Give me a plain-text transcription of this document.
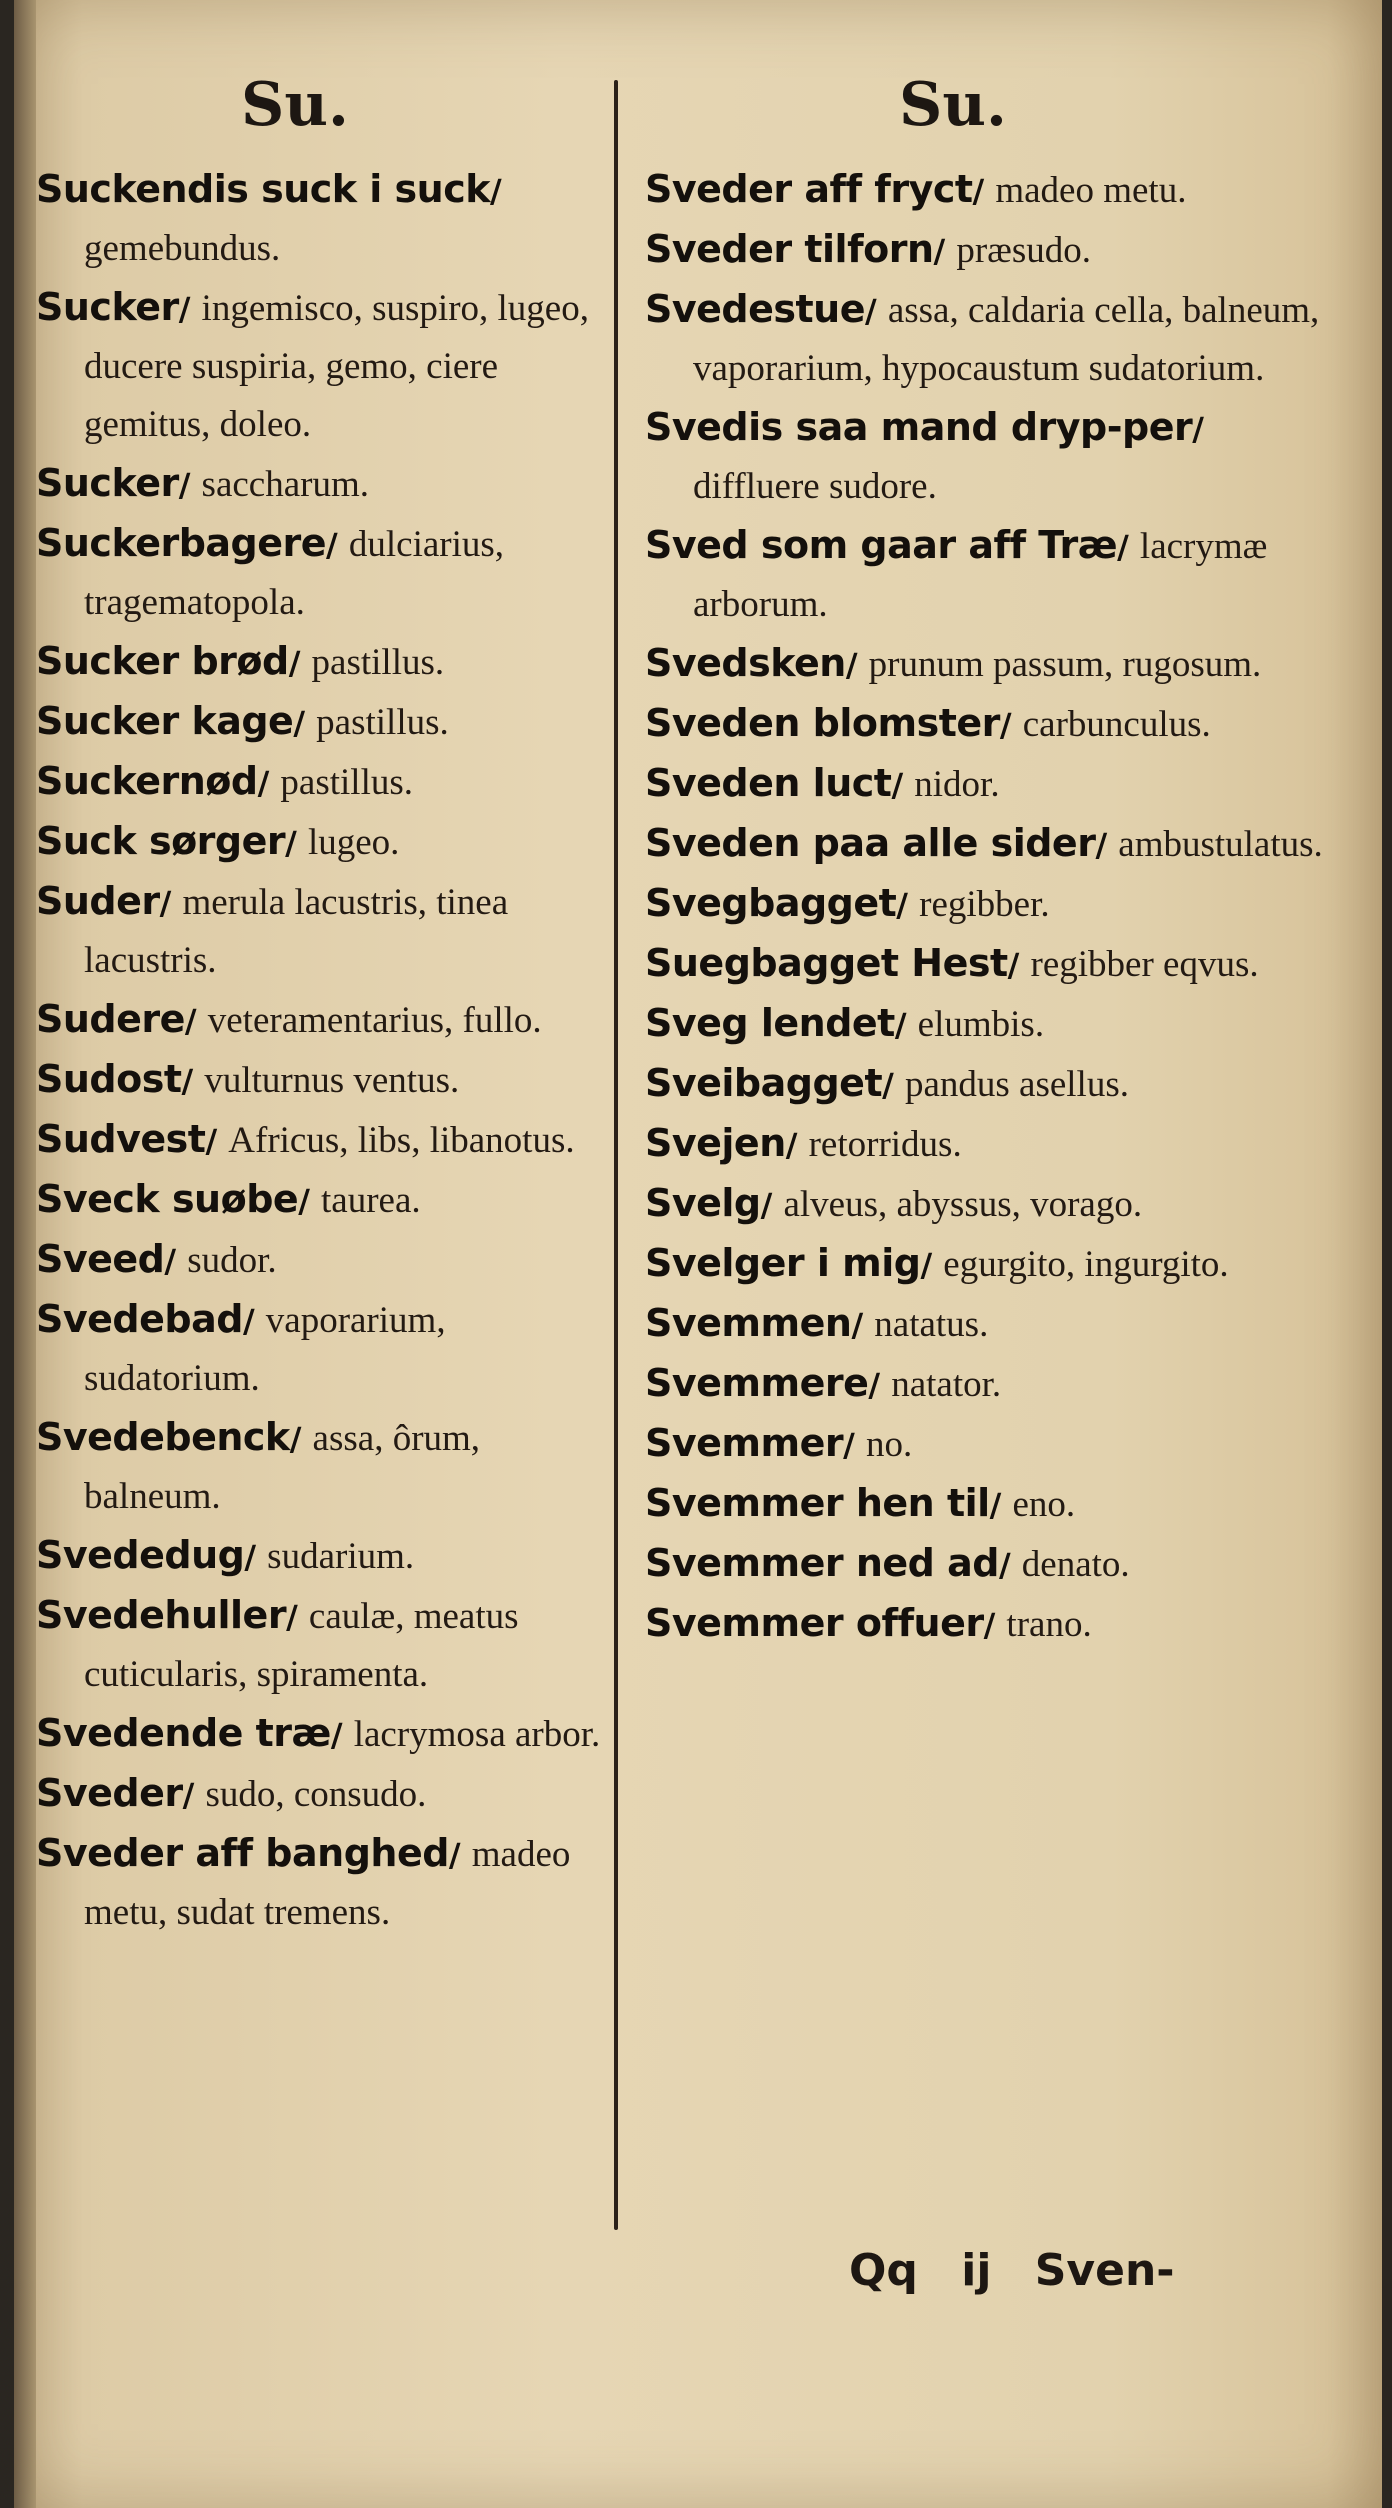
Su.

Suckendis suck i suck/ gemebundus.

Sucker/ ingemisco, suspiro, lugeo, ducere suspiria, gemo, ciere gemitus, doleo.

Sucker/ saccharum.

Suckerbagere/ dulciarius, tragematopola.

Sucker brød/ pastillus.

Sucker kage/ pastillus.

Suckernød/ pastillus.

Suck sørger/ lugeo.

Suder/ merula lacustris, tinea lacustris.

Sudere/ veteramentarius, fullo.

Sudost/ vulturnus ventus.

Sudvest/ Africus, libs, libanotus.

Sveck suøbe/ taurea.

Sveed/ sudor.

Svedebad/ vaporarium, sudatorium.

Svedebenck/ assa, ôrum, balneum.

Svededug/ sudarium.

Svedehuller/ caulæ, meatus cuticularis, spiramenta.

Svedende træ/ lacrymosa arbor.

Sveder/ sudo, consudo.

Sveder aff banghed/ madeo metu, sudat tremens.

Su.

Sveder aff fryct/ madeo metu.

Sveder tilforn/ præsudo.

Svedestue/ assa, caldaria cella, balneum, vaporarium, hypocaustum sudatorium.

Svedis saa mand dryp-per/ diffluere sudore.

Sved som gaar aff Træ/ lacrymæ arborum.

Svedsken/ prunum passum, rugosum.

Sveden blomster/ carbunculus.

Sveden luct/ nidor.

Sveden paa alle sider/ ambustulatus.

Svegbagget/ regibber.

Suegbagget Hest/ regibber eqvus.

Sveg lendet/ elumbis.

Sveibagget/ pandus asellus.

Svejen/ retorridus.

Svelg/ alveus, abyssus, vorago.

Svelger i mig/ egurgito, ingurgito.

Svemmen/ natatus.

Svemmere/ natator.

Svemmer/ no.

Svemmer hen til/ eno.

Svemmer ned ad/ denato.

Svemmer offuer/ trano.

Qq ij Sven-
